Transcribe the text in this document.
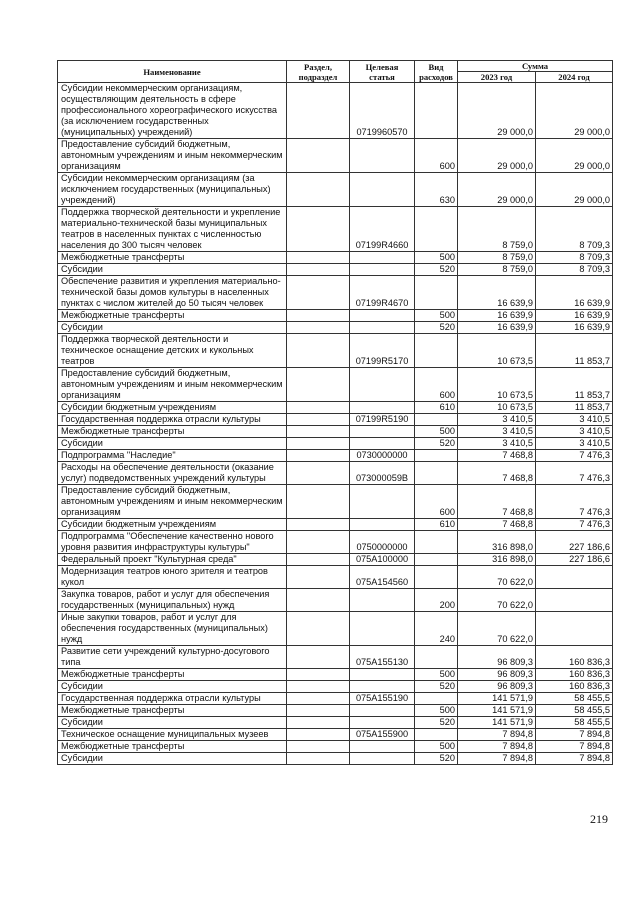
Наименование	Раздел, подраздел	Целевая статья	Вид расходов	Сумма	
				2023 год	2024 год
Субсидии некоммерческим организациям, осуществляющим деятельность в сфере профессионального хореографического искусства (за исключением государственных (муниципальных) учреждений)		0719960570		29 000,0	29 000,0
Предоставление субсидий бюджетным, автономным учреждениям и иным некоммерческим организациям			600	29 000,0	29 000,0
Субсидии некоммерческим организациям (за исключением государственных (муниципальных) учреждений)			630	29 000,0	29 000,0
Поддержка творческой деятельности и укрепление материально-технической базы муниципальных театров в населенных пунктах с численностью населения до 300 тысяч человек		07199R4660		8 759,0	8 709,3
Межбюджетные трансферты			500	8 759,0	8 709,3
Субсидии			520	8 759,0	8 709,3
Обеспечение развития и укрепления материально-технической базы домов культуры в населенных пунктах с числом жителей до 50 тысяч человек		07199R4670		16 639,9	16 639,9
Межбюджетные трансферты			500	16 639,9	16 639,9
Субсидии			520	16 639,9	16 639,9
Поддержка творческой деятельности и техническое оснащение детских и кукольных театров		07199R5170		10 673,5	11 853,7
Предоставление субсидий бюджетным, автономным учреждениям и иным некоммерческим организациям			600	10 673,5	11 853,7
Субсидии бюджетным учреждениям			610	10 673,5	11 853,7
Государственная поддержка отрасли культуры		07199R5190		3 410,5	3 410,5
Межбюджетные трансферты			500	3 410,5	3 410,5
Субсидии			520	3 410,5	3 410,5
Подпрограмма "Наследие"		0730000000		7 468,8	7 476,3
Расходы на обеспечение деятельности (оказание услуг) подведомственных учреждений культуры		073000059В		7 468,8	7 476,3
Предоставление субсидий бюджетным, автономным учреждениям и иным некоммерческим организациям			600	7 468,8	7 476,3
Субсидии бюджетным учреждениям			610	7 468,8	7 476,3
Подпрограмма "Обеспечение качественно нового уровня развития инфраструктуры культуры"		0750000000		316 898,0	227 186,6
Федеральный проект "Культурная среда"		075A100000		316 898,0	227 186,6
Модернизация театров юного зрителя и театров кукол		075A154560		70 622,0	
Закупка товаров, работ и услуг для обеспечения государственных (муниципальных) нужд			200	70 622,0	
Иные закупки товаров, работ и услуг для обеспечения государственных (муниципальных) нужд			240	70 622,0	
Развитие сети учреждений культурно-досугового типа		075A155130		96 809,3	160 836,3
Межбюджетные трансферты			500	96 809,3	160 836,3
Субсидии			520	96 809,3	160 836,3
Государственная поддержка отрасли культуры		075A155190		141 571,9	58 455,5
Межбюджетные трансферты			500	141 571,9	58 455,5
Субсидии			520	141 571,9	58 455,5
Техническое оснащение муниципальных музеев		075A155900		7 894,8	7 894,8
Межбюджетные трансферты			500	7 894,8	7 894,8
Субсидии			520	7 894,8	7 894,8
219
